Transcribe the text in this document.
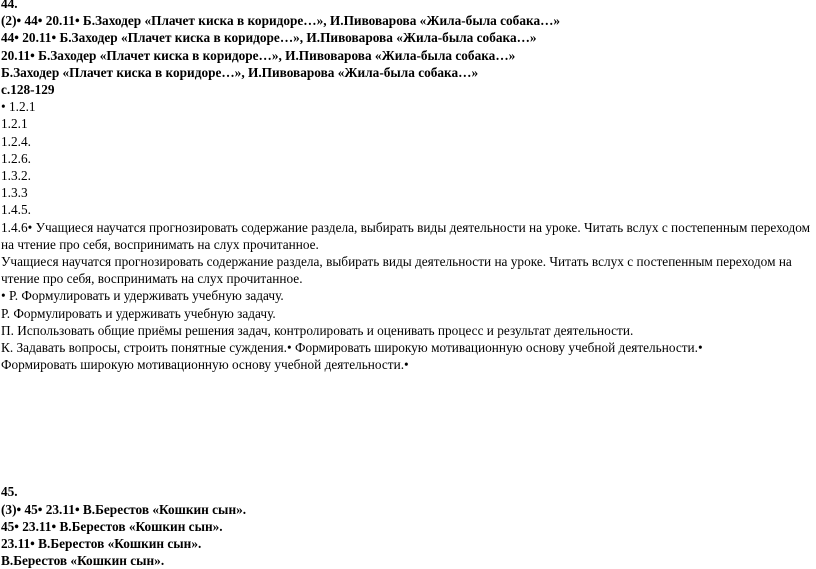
44.

(2)• 44• 20.11• Б.Заходер «Плачет киска в коридоре…», И.Пивоварова «Жила-была собака…»

44• 20.11• Б.Заходер «Плачет киска в коридоре…», И.Пивоварова «Жила-была собака…»

20.11• Б.Заходер «Плачет киска в коридоре…», И.Пивоварова «Жила-была собака…»

Б.Заходер «Плачет киска в коридоре…», И.Пивоварова «Жила-была собака…»

с.128-129

• 1.2.1

1.2.1

1.2.4.

1.2.6.

1.3.2.

1.3.3

1.4.5.

1.4.6• Учащиеся научатся прогнозировать содержание раздела, выбирать виды деятельности на уроке. Читать вслух с постепенным переходом на чтение про себя, воспринимать на слух прочитанное.

Учащиеся научатся прогнозировать содержание раздела, выбирать виды деятельности на уроке. Читать вслух с постепенным переходом на чтение про себя, воспринимать на слух прочитанное.

• Р. Формулировать и удерживать учебную задачу.

Р. Формулировать и удерживать учебную задачу.

П. Использовать общие приёмы решения задач, контролировать и оценивать процесс и результат деятельности.

К. Задавать вопросы, строить понятные суждения.• Формировать широкую мотивационную основу учебной деятельности.•

Формировать широкую мотивационную основу учебной деятельности.•

45.

(3)• 45• 23.11• В.Берестов «Кошкин сын».

45• 23.11• В.Берестов «Кошкин сын».

23.11• В.Берестов «Кошкин сын».

В.Берестов «Кошкин сын».
